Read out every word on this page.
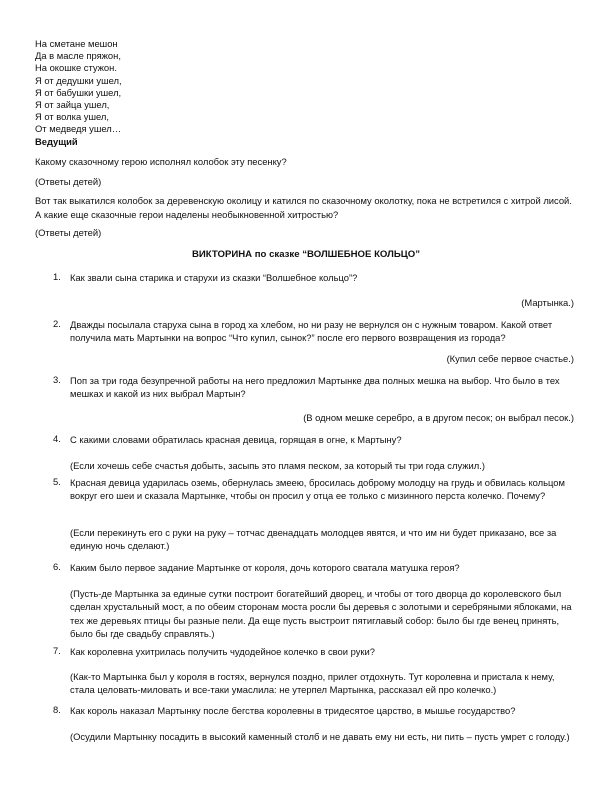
На сметане мешон
Да в масле пряжон,
На окошке стужон.
Я от дедушки ушел,
Я от бабушки ушел,
Я от зайца ушел,
Я от волка ушел,
От медведя ушел…
Ведущий
Какому сказочному герою исполнял колобок эту песенку?
(Ответы детей)
Вот так выкатился колобок за деревенскую околицу и катился по сказочному околотку, пока не встретился с хитрой лисой. А какие еще сказочные герои наделены необыкновенной хитростью?
(Ответы детей)
ВИКТОРИНА по сказке “ВОЛШЕБНОЕ КОЛЬЦО”
1. Как звали сына старика и старухи из сказки “Волшебное кольцо”?
(Мартынка.)
2. Дважды посылала старуха сына в город ха хлебом, но ни разу не вернулся он с нужным товаром. Какой ответ получила мать Мартынки на вопрос “Что купил, сынок?” после его первого возвращения из города?
(Купил себе первое счастье.)
3. Поп за три года безупречной работы на него предложил Мартынке два полных мешка на выбор. Что было в тех мешках и какой из них выбрал Мартын?
(В одном мешке серебро, а в другом песок; он выбрал песок.)
4. С какими словами обратилась красная девица, горящая в огне, к Мартыну?
(Если хочешь себе счастья добыть, засыпь это пламя песком, за который ты три года служил.)
5. Красная девица ударилась оземь, обернулась змеею, бросилась доброму молодцу на грудь и обвилась кольцом вокруг его шеи и сказала Мартынке, чтобы он просил у отца ее только с мизинного перста колечко. Почему?
(Если перекинуть его с руки на руку – тотчас двенадцать молодцев явятся, и что им ни будет приказано, все за единую ночь сделают.)
6. Каким было первое задание Мартынке от короля, дочь которого сватала матушка героя?
(Пусть-де Мартынка за единые сутки построит богатейший дворец, и чтобы от того дворца до королевского был сделан хрустальный мост, а по обеим сторонам моста росли бы деревья с золотыми и серебряными яблоками, на тех же деревьях птицы бы разные пели. Да еще пусть выстроит пятиглавый собор: было бы где венец принять, было бы где свадьбу справлять.)
7. Как королевна ухитрилась получить чудодейное колечко в свои руки?
(Как-то Мартынка был у короля в гостях, вернулся поздно, прилег отдохнуть. Тут королевна и пристала к нему, стала целовать-миловать и все-таки умаслила: не утерпел Мартынка, рассказал ей про колечко.)
8. Как король наказал Мартынку после бегства королевны в тридесятое царство, в мышье государство?
(Осудили Мартынку посадить в высокий каменный столб и не давать ему ни есть, ни пить – пусть умрет с голоду.)
